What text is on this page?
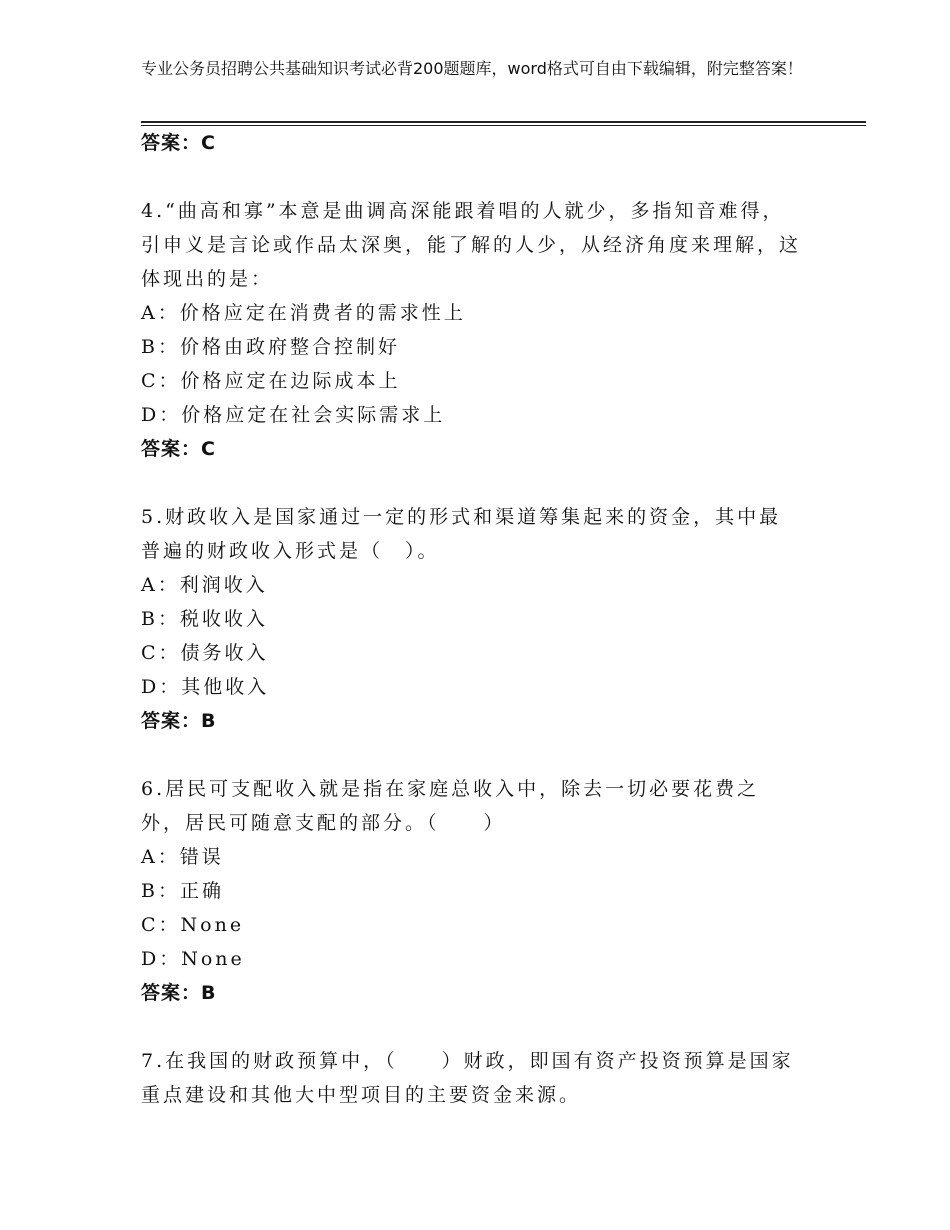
专业公务员招聘公共基础知识考试必背200题题库，word格式可自由下载编辑，附完整答案！
答案：C

4.“曲高和寡”本意是曲调高深能跟着唱的人就少，多指知音难得，引申义是言论或作品太深奥，能了解的人少，从经济角度来理解，这体现出的是：

A：价格应定在消费者的需求性上
B：价格由政府整合控制好
C：价格应定在边际成本上
D：价格应定在社会实际需求上
答案：C

5.财政收入是国家通过一定的形式和渠道筹集起来的资金，其中最普遍的财政收入形式是（　）。

A：利润收入
B：税收收入
C：债务收入
D：其他收入
答案：B

6.居民可支配收入就是指在家庭总收入中，除去一切必要花费之外，居民可随意支配的部分。（　　）

A：错误
B：正确
C：None
D：None
答案：B

7.在我国的财政预算中，（　　）财政，即国有资产投资预算是国家重点建设和其他大中型项目的主要资金来源。
